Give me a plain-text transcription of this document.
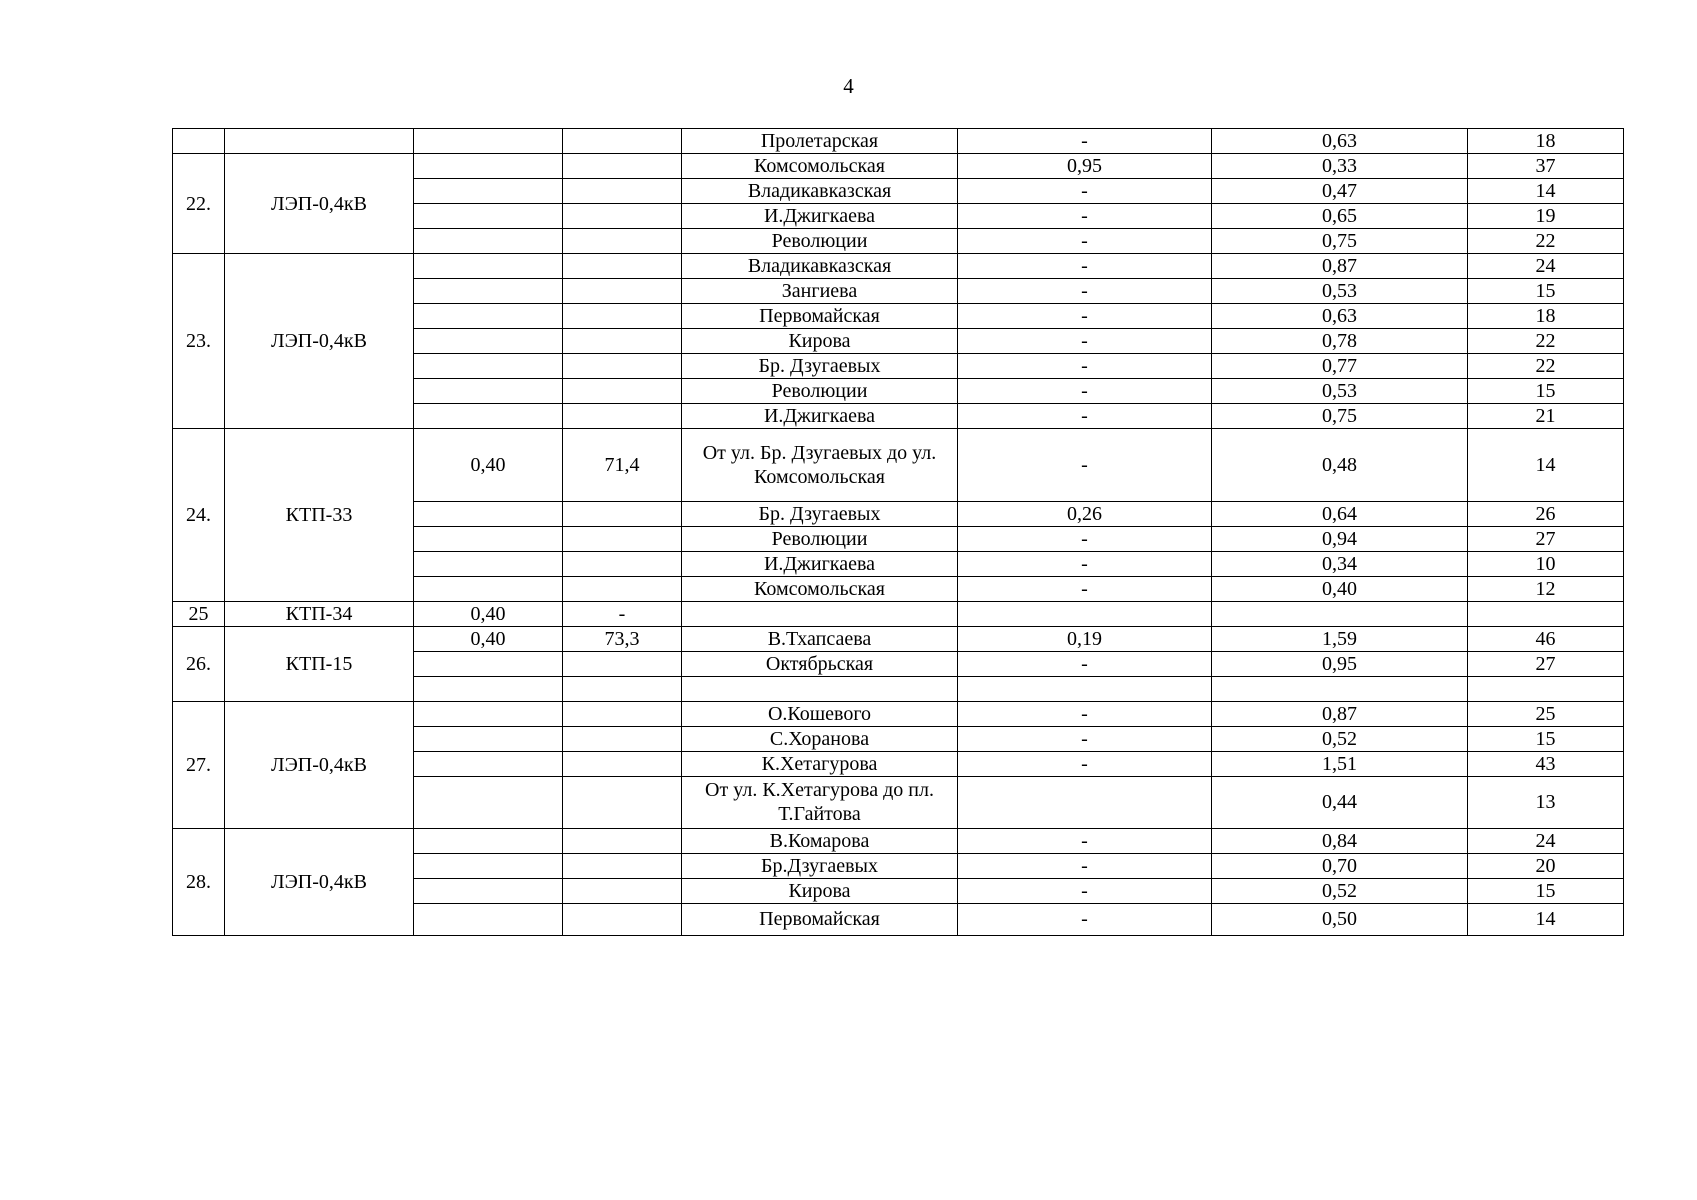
4
				Пролетарская	-	0,63	18
22.	ЛЭП-0,4кВ			Комсомольская	0,95	0,33	37
				Владикавказская	-	0,47	14
				И.Джигкаева	-	0,65	19
				Революции	-	0,75	22
23.	ЛЭП-0,4кВ			Владикавказская	-	0,87	24
				Зангиева	-	0,53	15
				Первомайская	-	0,63	18
				Кирова	-	0,78	22
				Бр. Дзугаевых	-	0,77	22
				Революции	-	0,53	15
				И.Джигкаева	-	0,75	21
24.	КТП-33	0,40	71,4	От ул. Бр. Дзугаевых до ул. Комсомольская	-	0,48	14
				Бр. Дзугаевых	0,26	0,64	26
				Революции	-	0,94	27
				И.Джигкаева	-	0,34	10
				Комсомольская	-	0,40	12
25	КТП-34	0,40	-				
26.	КТП-15	0,40	73,3	В.Тхапсаева	0,19	1,59	46
				Октябрьская	-	0,95	27

27.	ЛЭП-0,4кВ			О.Кошевого	-	0,87	25
				С.Хоранова	-	0,52	15
				К.Хетагурова	-	1,51	43
				От ул. К.Хетагурова до пл. Т.Гайтова		0,44	13
28.	ЛЭП-0,4кВ			В.Комарова	-	0,84	24
				Бр.Дзугаевых	-	0,70	20
				Кирова	-	0,52	15
				Первомайская	-	0,50	14
